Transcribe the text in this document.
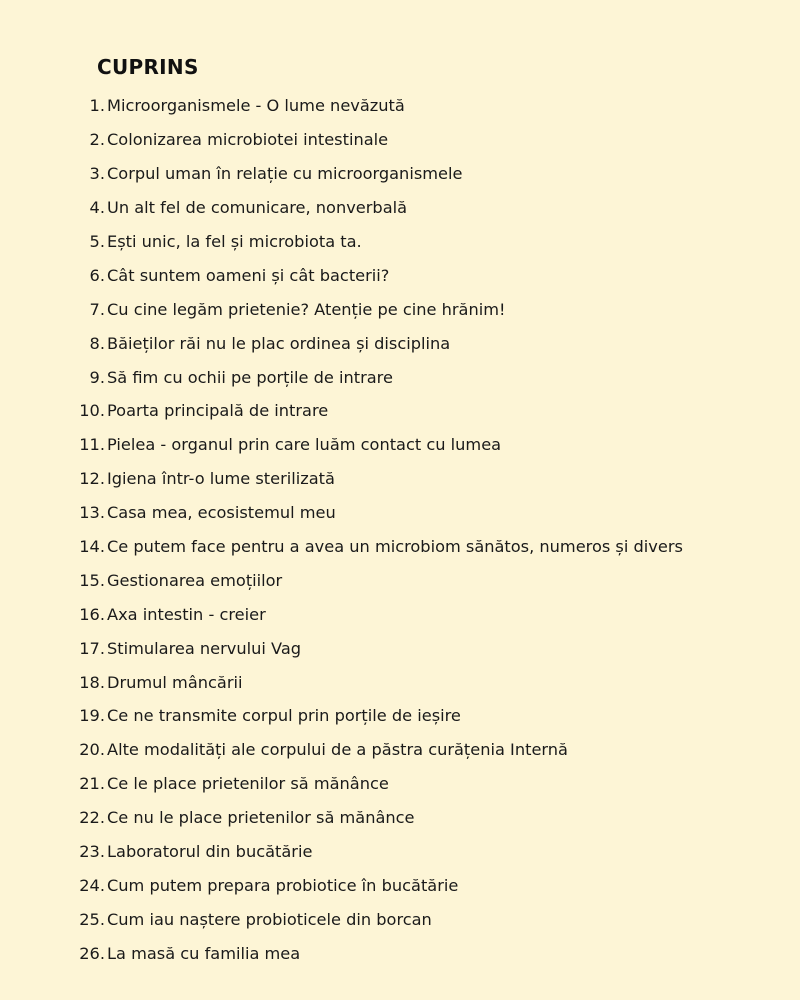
CUPRINS
1. Microorganismele - O lume nevăzută
2. Colonizarea microbiotei intestinale
3. Corpul uman în relație cu microorganismele
4. Un alt fel de comunicare, nonverbală
5. Ești unic, la fel și microbiota ta.
6. Cât suntem oameni și cât bacterii?
7. Cu cine legăm prietenie? Atenție pe cine hrănim!
8. Băieților răi nu le plac ordinea și disciplina
9. Să fim cu ochii pe porțile de intrare
10. Poarta principală de intrare
11. Pielea - organul prin care luăm contact cu lumea
12. Igiena într-o lume sterilizată
13. Casa mea, ecosistemul meu
14. Ce putem face pentru a avea un microbiom sănătos, numeros și divers
15. Gestionarea emoțiilor
16. Axa intestin - creier
17. Stimularea nervului Vag
18. Drumul mâncării
19. Ce ne transmite corpul prin porțile de ieșire
20. Alte modalități ale corpului de a păstra curățenia Internă
21. Ce le place prietenilor să mănânce
22. Ce nu le place prietenilor să mănânce
23. Laboratorul din bucătărie
24. Cum putem prepara probiotice în bucătărie
25. Cum iau naștere probioticele din borcan
26. La masă cu familia mea
